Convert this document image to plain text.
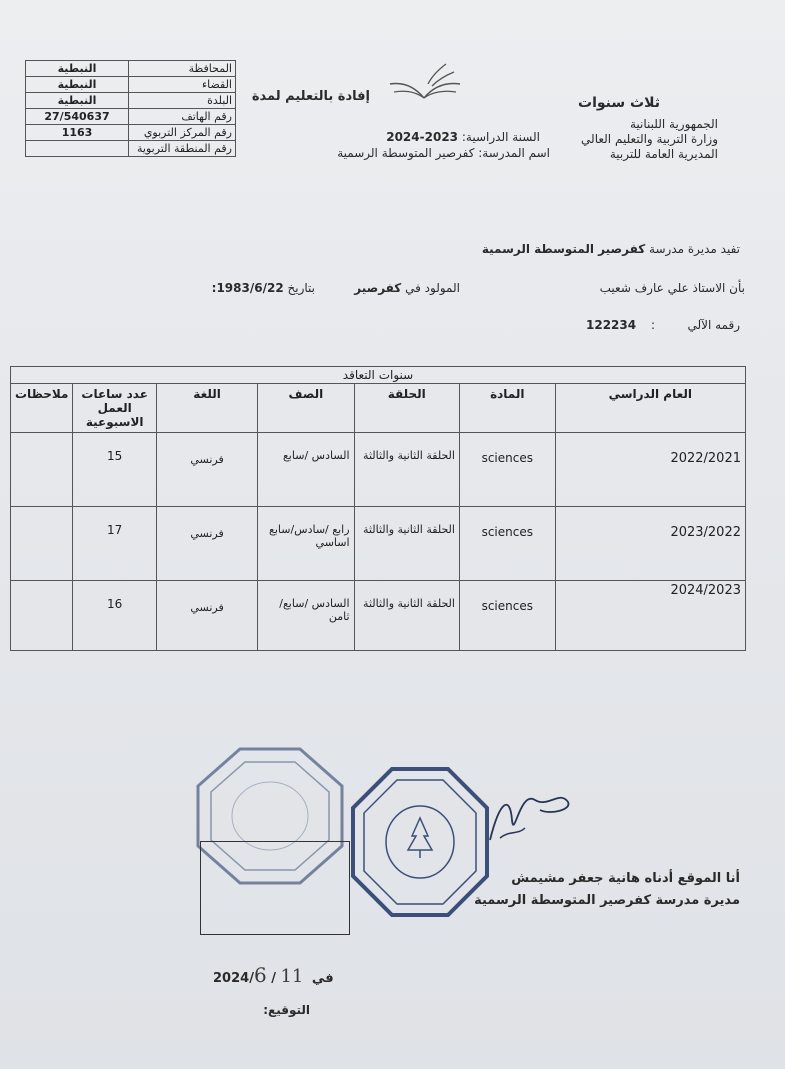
النبطية	المحافظة
النبطية	القضاء
النبطية	البلدة
27/540637	رقم الهاتف
1163	رقم المركز التربوي
	رقم المنطقة التربوية
ثلاث سنوات
إفادة بالتعليم لمدة
الجمهورية اللبنانية
وزارة التربية والتعليم العالي
المديرية العامة للتربية
السنة الدراسية: 2023-2024
اسم المدرسة: كفرصير المتوسطة الرسمية
تفيد مديرة مدرسة كفرصير المتوسطة الرسمية
بأن الاستاذ علي عارف شعيب
المولود في كفرصير
بتاريخ 1983/6/22:
رقمه الآلي
:
122234
سنوات التعاقد						
العام الدراسي	المادة	الحلقة	الصف	اللغة	عدد ساعات العمل الاسبوعية	ملاحظات
2022/2021	sciences	الحلقة الثانية والثالثة	السادس /سابع	فرنسي	15	
2023/2022	sciences	الحلقة الثانية والثالثة	رابع /سادس/سابع اساسي	فرنسي	17	
2024/2023	sciences	الحلقة الثانية والثالثة	السادس /سابع/ ثامن	فرنسي	16	
أنا الموقع أدناه هانية جعفر مشيمش
مديرة مدرسة كفرصير المتوسطة الرسمية
2024/6 / 11 في
التوقيع:
